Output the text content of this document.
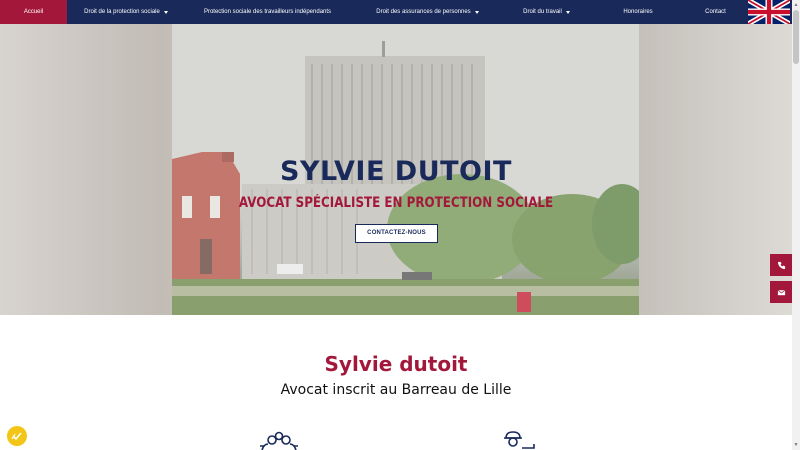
Accueil	Droit de la protection sociale	Protection sociale des travailleurs indépendants	Droit des assurances de personnes	Droit du travail	Honoraires	Contact
SYLVIE DUTOIT
AVOCAT SPÉCIALISTE EN PROTECTION SOCIALE
CONTACTEZ-NOUS
Sylvie dutoit

Avocat inscrit au Barreau de Lille

▲
▼
